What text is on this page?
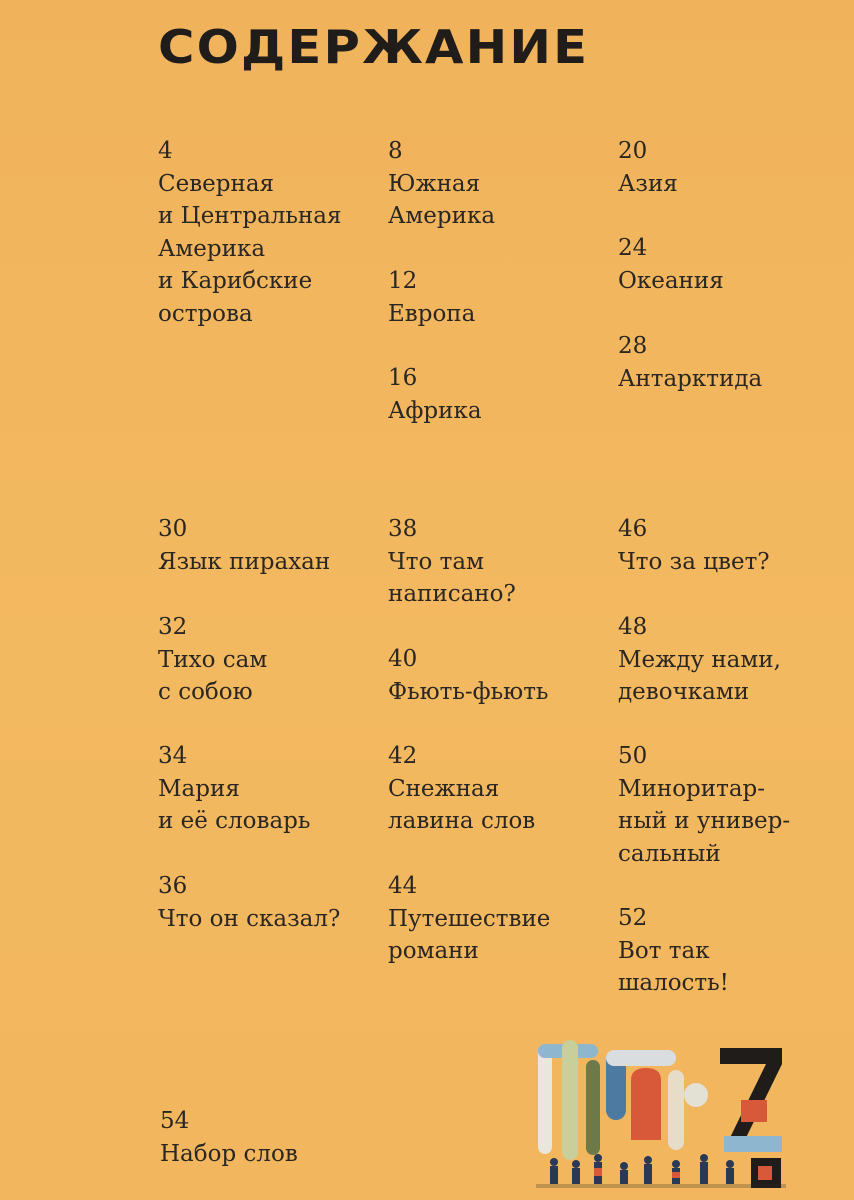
СОДЕРЖАНИЕ
4
Северная
и Центральная
Америка
и Карибские
острова
8
Южная
Америка
12
Европа
16
Африка
20
Азия
24
Океания
28
Антарктида
30
Язык пирахан
32
Тихо сам
с собою
34
Мария
и её словарь
36
Что он сказал?
38
Что там
написано?
40
Фьють-фьють
42
Снежная
лавина слов
44
Путешествие
романи
46
Что за цвет?
48
Между нами,
девочками
50
Миноритар-
ный и универ-
сальный
52
Вот так
шалость!
54
Набор слов
